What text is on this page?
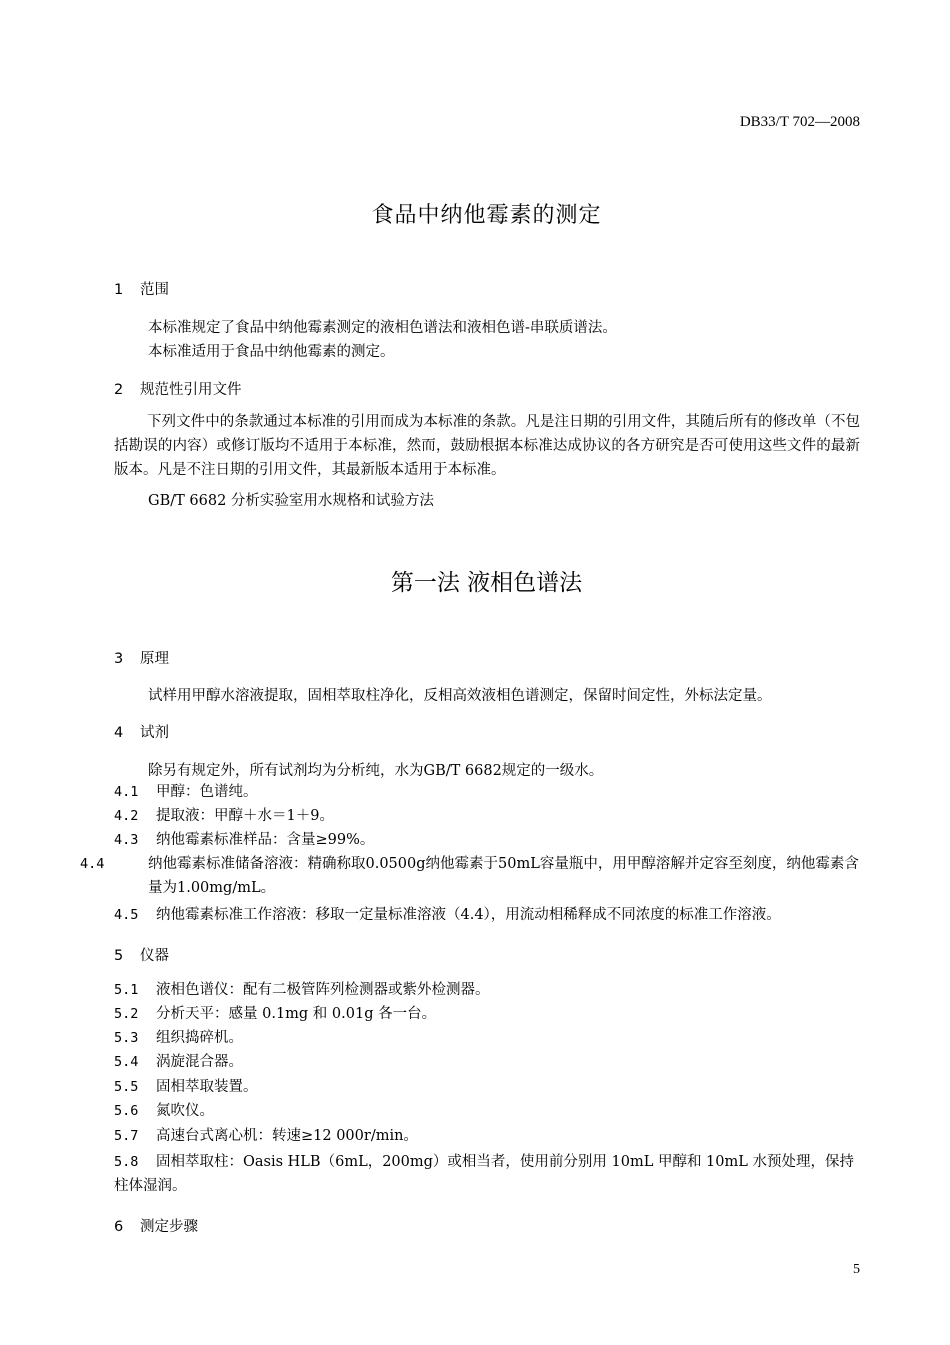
DB33/T 702—2008
食品中纳他霉素的测定
1 范围
本标准规定了食品中纳他霉素测定的液相色谱法和液相色谱-串联质谱法。
本标准适用于食品中纳他霉素的测定。
2 规范性引用文件
下列文件中的条款通过本标准的引用而成为本标准的条款。凡是注日期的引用文件，其随后所有的修改单（不包括勘误的内容）或修订版均不适用于本标准，然而，鼓励根据本标准达成协议的各方研究是否可使用这些文件的最新版本。凡是不注日期的引用文件，其最新版本适用于本标准。
GB/T 6682 分析实验室用水规格和试验方法
第一法 液相色谱法
3 原理
试样用甲醇水溶液提取，固相萃取柱净化，反相高效液相色谱测定，保留时间定性，外标法定量。
4 试剂
除另有规定外，所有试剂均为分析纯，水为GB/T 6682规定的一级水。
4.1 甲醇：色谱纯。
4.2 提取液：甲醇＋水＝1＋9。
4.3 纳他霉素标准样品：含量≥99%。
4.4	纳他霉素标准储备溶液：精确称取0.0500g纳他霉素于50mL容量瓶中，用甲醇溶解并定容至刻度，纳他霉素含量为1.00mg/mL。
4.5 纳他霉素标准工作溶液：移取一定量标准溶液（4.4），用流动相稀释成不同浓度的标准工作溶液。
5 仪器
5.1 液相色谱仪：配有二极管阵列检测器或紫外检测器。
5.2 分析天平：感量 0.1mg 和 0.01g 各一台。
5.3 组织捣碎机。
5.4 涡旋混合器。
5.5 固相萃取装置。
5.6 氮吹仪。
5.7 高速台式离心机：转速≥12 000r/min。
5.8 固相萃取柱：Oasis HLB（6mL，200mg）或相当者，使用前分别用 10mL 甲醇和 10mL 水预处理，保持柱体湿润。
6 测定步骤
5
